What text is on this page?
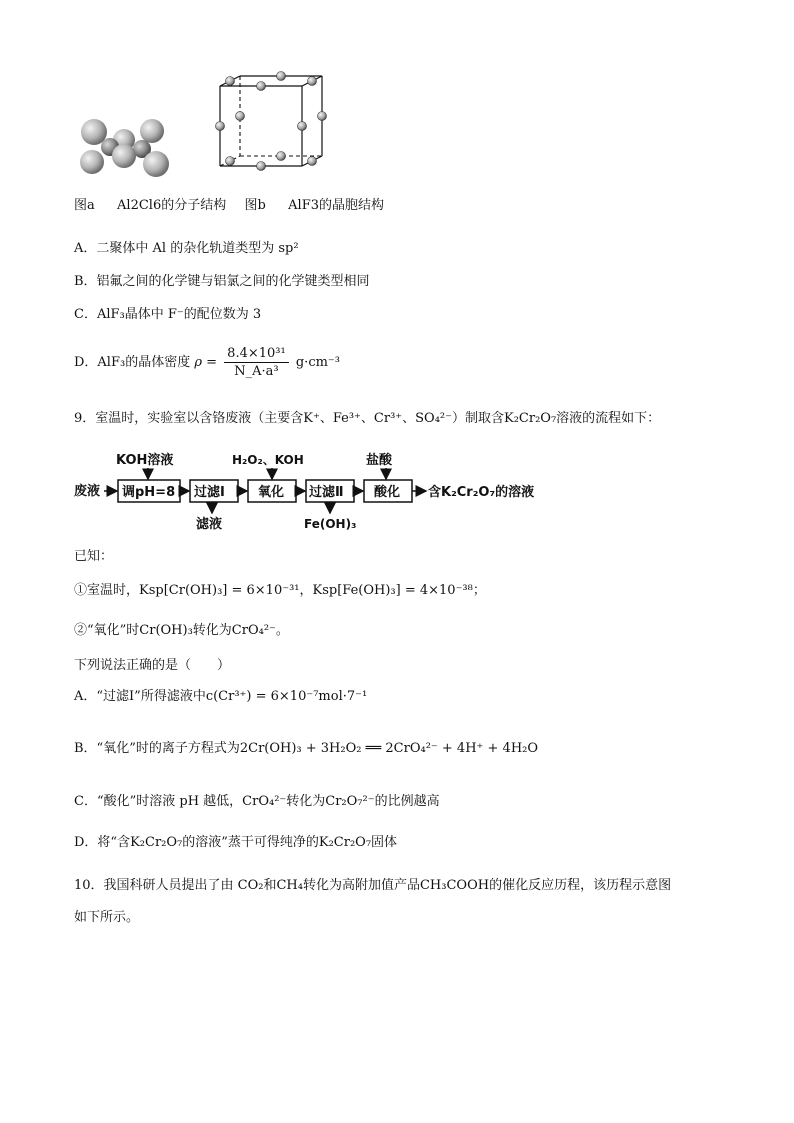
图a Al2Cl6的分子结构 图b AlF3的晶胞结构
A．二聚体中 Al 的杂化轨道类型为 sp²
B．铝氟之间的化学键与铝氯之间的化学键类型相同
C．AlF₃晶体中 F⁻的配位数为 3
D．AlF₃的晶体密度 $\rho = \frac{\text{8.4×10³¹}}{\text{N\_A·a³}} g\cdot cm^{-3}$
9．室温时，实验室以含铬废液（主要含K⁺、Fe³⁺、Cr³⁺、SO₄²⁻）制取含K₂Cr₂O₇溶液的流程如下：
废液
KOH溶液
调pH=8 过滤Ⅰ
滤液
H₂O₂、KOH
氧化 过滤Ⅱ
Fe(OH)₃
盐酸
酸化 含K₂Cr₂O₇的溶液
已知：
①室温时，Ksp[Cr(OH)₃] = 6×10⁻³¹，Ksp[Fe(OH)₃] = 4×10⁻³⁸；
②“氧化”时Cr(OH)₃转化为CrO₄²⁻。
下列说法正确的是（　　）
A．“过滤Ⅰ”所得滤液中c(Cr³⁺) = 6×10⁻⁷mol·7⁻¹
B．“氧化”时的离子方程式为2Cr(OH)₃ + 3H₂O₂ ══ 2CrO₄²⁻ + 4H⁺ + 4H₂O
C．“酸化”时溶液 pH 越低，CrO₄²⁻转化为Cr₂O₇²⁻的比例越高
D．将“含K₂Cr₂O₇的溶液”蒸干可得纯净的K₂Cr₂O₇固体
10．我国科研人员提出了由 CO₂和CH₄转化为高附加值产品CH₃COOH的催化反应历程，该历程示意图
如下所示。
